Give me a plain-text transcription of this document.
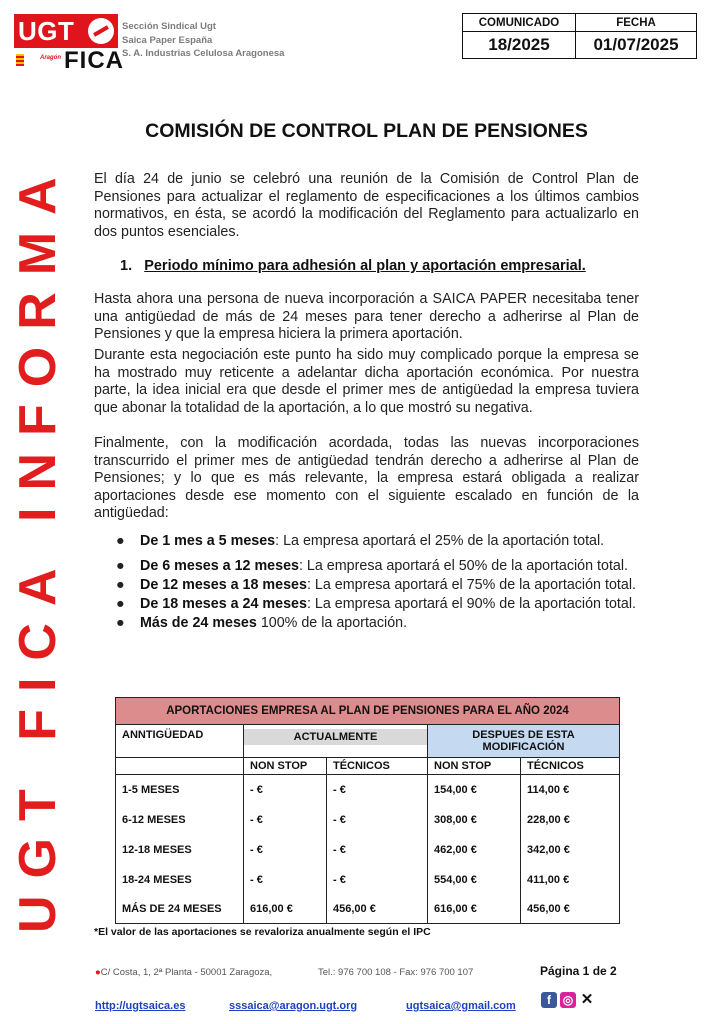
UGT
Aragón FICA
Sección Sindical Ugt
Saica Paper España
S. A. Industrias Celulosa Aragonesa
COMUNICADO	FECHA
18/2025	01/07/2025
UGT FICA INFORMA
COMISIÓN DE CONTROL PLAN DE PENSIONES

El día 24 de junio se celebró una reunión de la Comisión de Control Plan de Pensiones para actualizar el reglamento de especificaciones a los últimos cambios normativos, en ésta, se acordó la modificación del Reglamento para actualizarlo en dos puntos esenciales.

1. Periodo mínimo para adhesión al plan y aportación empresarial.

Hasta ahora una persona de nueva incorporación a SAICA PAPER necesitaba tener una antigüedad de más de 24 meses para tener derecho a adherirse al Plan de Pensiones y que la empresa hiciera la primera aportación.

Durante esta negociación este punto ha sido muy complicado porque la empresa se ha mostrado muy reticente a adelantar dicha aportación económica. Por nuestra parte, la idea inicial era que desde el primer mes de antigüedad la empresa tuviera que abonar la totalidad de la aportación, a lo que mostró su negativa.

Finalmente, con la modificación acordada, todas las nuevas incorporaciones transcurrido el primer mes de antigüedad tendrán derecho a adherirse al Plan de Pensiones; y lo que es más relevante, la empresa estará obligada a realizar aportaciones desde ese momento con el siguiente escalado en función de la antigüedad:

● De 1 mes a 5 meses: La empresa aportará el 25% de la aportación total.
● De 6 meses a 12 meses: La empresa aportará el 50% de la aportación total.
● De 12 meses a 18 meses: La empresa aportará el 75% de la aportación total.
● De 18 meses a 24 meses: La empresa aportará el 90% de la aportación total.
● Más de 24 meses 100% de la aportación.
APORTACIONES EMPRESA AL PLAN DE PENSIONES PARA EL AÑO 2024				
ANNTIGÜEDAD	ACTUALMENTE		DESPUES DE ESTA MODIFICACIÓN	
	NON STOP	TÉCNICOS	NON STOP	TÉCNICOS
1-5 MESES	- €	- €	154,00 €	114,00 €
6-12 MESES	- €	- €	308,00 €	228,00 €
12-18 MESES	- €	- €	462,00 €	342,00 €
18-24 MESES	- €	- €	554,00 €	411,00 €
MÁS DE 24 MESES	616,00 €	456,00 €	616,00 €	456,00 €
*El valor de las aportaciones se revaloriza anualmente según el IPC
●C/ Costa, 1, 2ª Planta - 50001 Zaragoza,	Tel.: 976 700 108 - Fax: 976 700 107	Página 1 de 2
http://ugtsaica.es	sssaica@aragon.ugt.org	ugtsaica@gmail.com	f ◎ ✕
